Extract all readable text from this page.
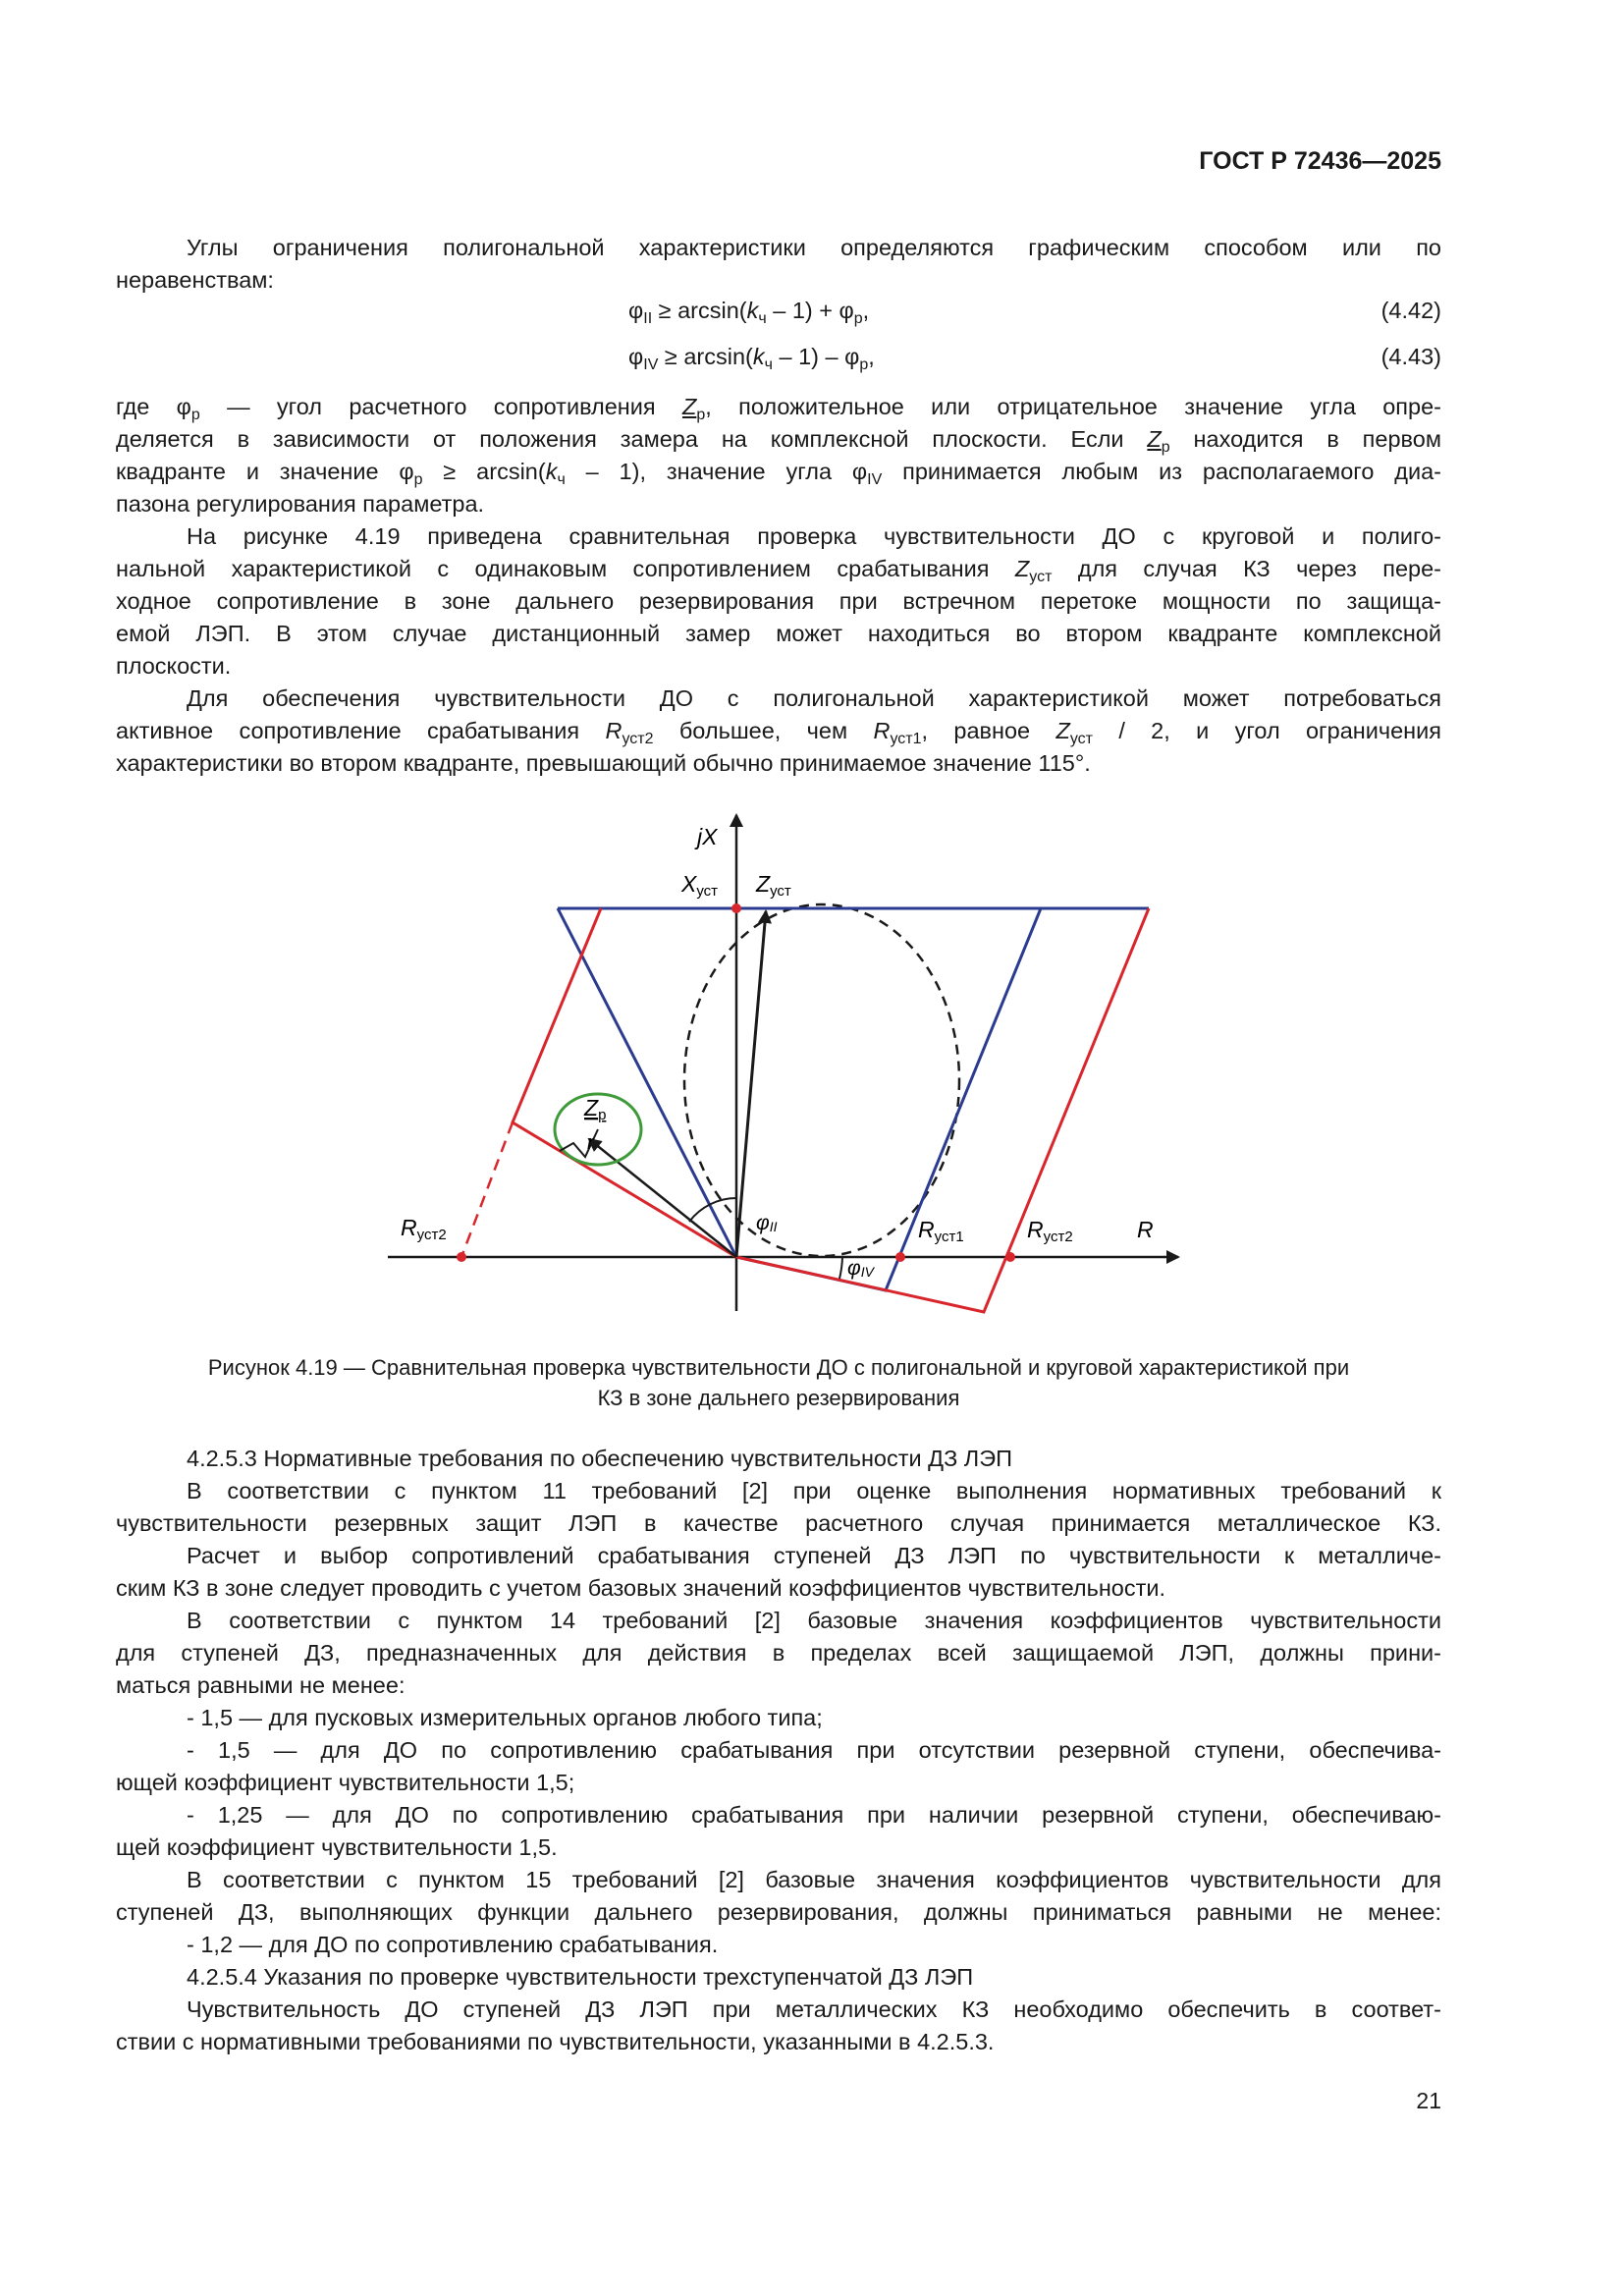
ГОСТ Р 72436—2025
Углы ограничения полигональной характеристики определяются графическим способом или по
неравенствам:
$\varphi_{II} \ge \arcsin(k_ч - 1) + \varphi_р$,	(4.42)
$\varphi_{IV} \ge \arcsin(k_ч - 1) - \varphi_р$,	(4.43)
где $\varphi_р$ — угол расчетного сопротивления $Z_р$, положительное или отрицательное значение угла опре-
деляется в зависимости от положения замера на комплексной плоскости. Если $Z_р$ находится в первом
квадранте и значение $\varphi_р \ge \arcsin(k_ч - 1)$, значение угла $\varphi_{IV}$ принимается любым из располагаемого диа-
пазона регулирования параметра.
На рисунке 4.19 приведена сравнительная проверка чувствительности ДО с круговой и полиго-
нальной характеристикой с одинаковым сопротивлением срабатывания $Z_{уст}$ для случая КЗ через пере-
ходное сопротивление в зоне дальнего резервирования при встречном перетоке мощности по защища-
емой ЛЭП. В этом случае дистанционный замер может находиться во втором квадранте комплексной
плоскости.
Для обеспечения чувствительности ДО с полигональной характеристикой может потребоваться
активное сопротивление срабатывания $R_{уст2}$ большее, чем $R_{уст1}$, равное $Z_{уст} / 2$, и угол ограничения
характеристики во втором квадранте, превышающий обычно принимаемое значение 115°.
jX
Xуст Zуст
Zр
r
φII
φIV
Rуст2	Rуст1	Rуст2	R
Рисунок 4.19 — Сравнительная проверка чувствительности ДО с полигональной и круговой характеристикой при
КЗ в зоне дальнего резервирования
4.2.5.3 Нормативные требования по обеспечению чувствительности ДЗ ЛЭП
В соответствии с пунктом 11 требований [2] при оценке выполнения нормативных требований к
чувствительности резервных защит ЛЭП в качестве расчетного случая принимается металлическое КЗ.
Расчет и выбор сопротивлений срабатывания ступеней ДЗ ЛЭП по чувствительности к металличе-
ским КЗ в зоне следует проводить с учетом базовых значений коэффициентов чувствительности.
В соответствии с пунктом 14 требований [2] базовые значения коэффициентов чувствительности
для ступеней ДЗ, предназначенных для действия в пределах всей защищаемой ЛЭП, должны прини-
маться равными не менее:
- 1,5 — для пусковых измерительных органов любого типа;
- 1,5 — для ДО по сопротивлению срабатывания при отсутствии резервной ступени, обеспечива-
ющей коэффициент чувствительности 1,5;
- 1,25 — для ДО по сопротивлению срабатывания при наличии резервной ступени, обеспечиваю-
щей коэффициент чувствительности 1,5.
В соответствии с пунктом 15 требований [2] базовые значения коэффициентов чувствительности для
ступеней ДЗ, выполняющих функции дальнего резервирования, должны приниматься равными не менее:
- 1,2 — для ДО по сопротивлению срабатывания.
4.2.5.4 Указания по проверке чувствительности трехступенчатой ДЗ ЛЭП
Чувствительность ДО ступеней ДЗ ЛЭП при металлических КЗ необходимо обеспечить в соответ-
ствии с нормативными требованиями по чувствительности, указанными в 4.2.5.3.
21
